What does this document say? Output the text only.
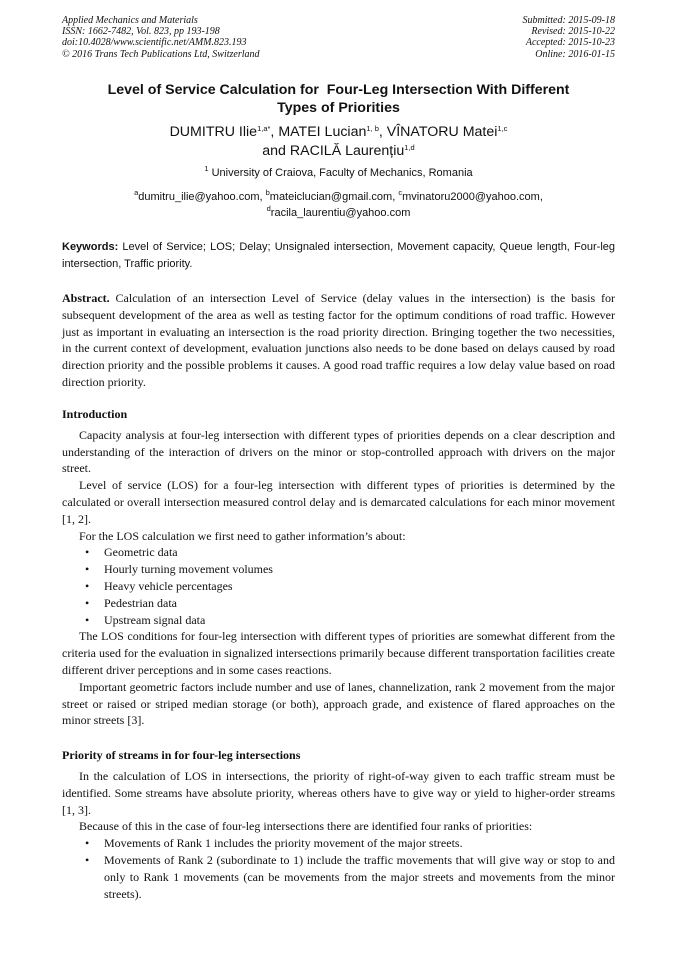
Applied Mechanics and Materials
ISSN: 1662-7482, Vol. 823, pp 193-198
doi:10.4028/www.scientific.net/AMM.823.193
© 2016 Trans Tech Publications Ltd, Switzerland
Submitted: 2015-09-18
Revised: 2015-10-22
Accepted: 2015-10-23
Online: 2016-01-15
Level of Service Calculation for  Four-Leg Intersection With Different
Types of Priorities
DUMITRU Ilie$^{1,a*}$, MATEI Lucian$^{1, b}$, VÎNATORU Matei$^{1,c}$
and RACILĂ Laurențiu$^{1,d}$
$^1$ University of Craiova, Faculty of Mechanics, Romania
$^a$dumitru_ilie@yahoo.com, $^b$mateiclucian@gmail.com, $^c$mvinatoru2000@yahoo.com,
$^d$racila_laurentiu@yahoo.com
Keywords: Level of Service; LOS; Delay; Unsignaled intersection, Movement capacity, Queue length, Four-leg intersection, Traffic priority.
Abstract. Calculation of an intersection Level of Service (delay values in the intersection) is the basis for subsequent development of the area as well as testing factor for the optimum conditions of road traffic. However just as important in evaluating an intersection is the road priority direction. Bringing together the two necessities, in the current context of development, evaluation junctions also needs to be done based on delays caused by road direction priority and the possible problems it causes. A good road traffic requires a low delay value based on road direction priority.
Introduction

Capacity analysis at four-leg intersection with different types of priorities depends on a clear description and understanding of the interaction of drivers on the minor or stop-controlled approach with drivers on the major street.

Level of service (LOS) for a four-leg intersection with different types of priorities is determined by the calculated or overall intersection measured control delay and is demarcated calculations for each minor movement [1, 2].

For the LOS calculation we first need to gather information’s about:

• Geometric data
• Hourly turning movement volumes
• Heavy vehicle percentages
• Pedestrian data
• Upstream signal data

The LOS conditions for four-leg intersection with different types of priorities are somewhat different from the criteria used for the evaluation in signalized intersections primarily because different transportation facilities create different driver perceptions and in some cases reactions.

Important geometric factors include number and use of lanes, channelization, rank 2 movement from the major street or raised or striped median storage (or both), approach grade, and existence of flared approaches on the minor streets [3].

Priority of streams in for four-leg intersections

In the calculation of LOS in intersections, the priority of right-of-way given to each traffic stream must be identified. Some streams have absolute priority, whereas others have to give way or yield to higher-order streams [1, 3].

Because of this in the case of four-leg intersections there are identified four ranks of priorities:

• Movements of Rank 1 includes the priority movement of the major streets.
• Movements of Rank 2 (subordinate to 1) include the traffic movements that will give way or stop to and only to Rank 1 movements (can be movements from the major streets and movements from the minor streets).
